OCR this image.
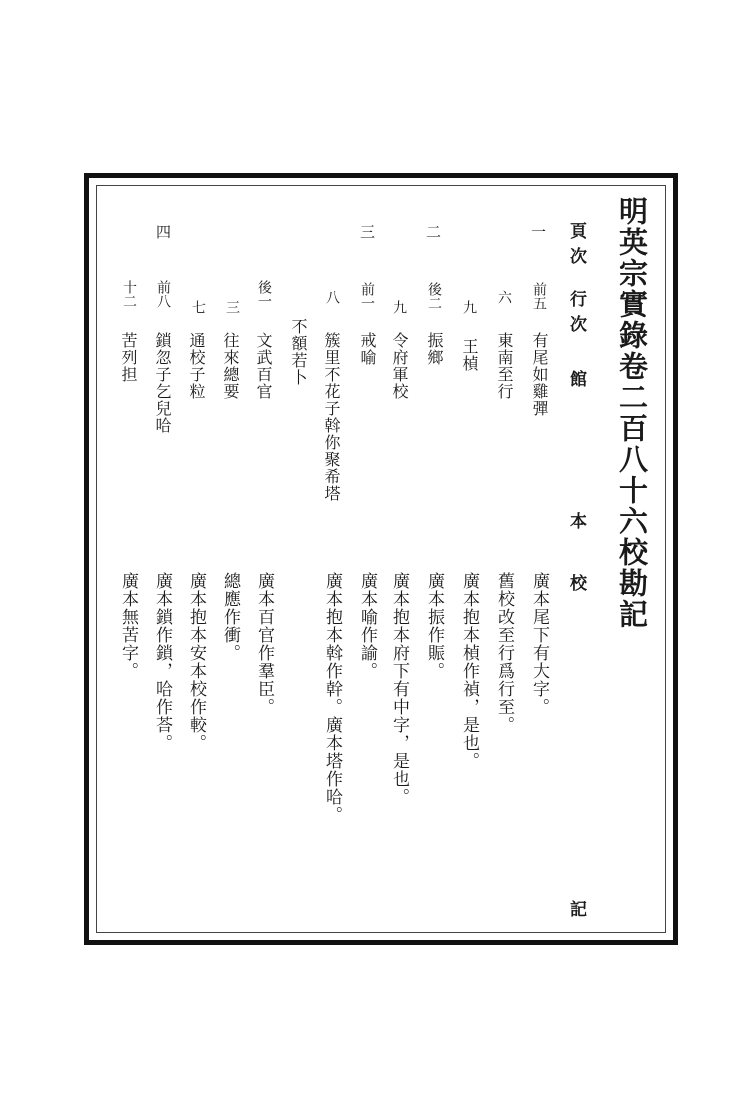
明英宗實錄卷二百八十六校勘記
頁次
行次
館
本
校
記
一
前五
有尾如雞彈
廣本尾下有大字。
六
東南至行
舊校改至行爲行至。
九
王楨
廣本抱本楨作禎，是也。
二
後二
振鄉
廣本振作賑。
九
令府軍校
廣本抱本府下有中字，是也。
三
前一
戒喻
廣本喻作諭。
八
簇里不花子斡你聚希塔
廣本抱本斡作幹。廣本塔作哈。
不額若卜
後一
文武百官
廣本百官作羣臣。
三
往來總要
總應作衝。
七
通校子粒
廣本抱本安本校作較。
四
前八
鎖忽子乞兒哈
廣本鎖作鎖，哈作荅。
十二
苦列担
廣本無苦字。
